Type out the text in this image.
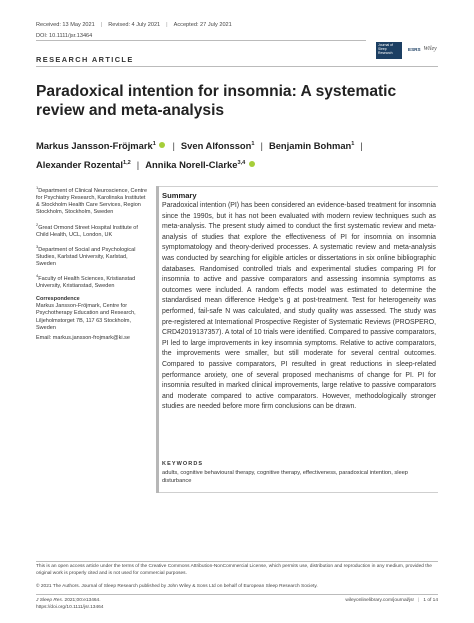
Received: 13 May 2021 | Revised: 4 July 2021 | Accepted: 27 July 2021
DOI: 10.1111/jsr.13464
Journal of Sleep Research
ESRS Wiley
RESEARCH ARTICLE
Paradoxical intention for insomnia: A systematic review and meta-analysis
Markus Jansson-Fröjmark$^1$ | Sven Alfonsson$^1$ | Benjamin Bohman$^1$ |
Alexander Rozental$^{1,2}$ | Annika Norell-Clarke$^{3,4}$

$^1$Department of Clinical Neuroscience, Centre for Psychiatry Research, Karolinska Institutet & Stockholm Health Care Services, Region Stockholm, Stockholm, Sweden

$^2$Great Ormond Street Hospital Institute of Child Health, UCL, London, UK

$^3$Department of Social and Psychological Studies, Karlstad University, Karlstad, Sweden

$^4$Faculty of Health Sciences, Kristianstad University, Kristianstad, Sweden

Correspondence

Markus Jansson-Fröjmark, Centre for Psychotherapy Education and Research, Liljeholmstorget 7B, 117 63 Stockholm, Sweden

Email: markus.jansson-frojmark@ki.se

Summary
Paradoxical intention (PI) has been considered an evidence-based treatment for insomnia since the 1990s, but it has not been evaluated with modern review techniques such as meta-analysis. The present study aimed to conduct the first systematic review and meta-analysis of studies that explore the effectiveness of PI for insomnia on insomnia symptomatology and theory-derived processes. A systematic review and meta-analysis was conducted by searching for eligible articles or dissertations in six online bibliographic databases. Randomised controlled trials and experimental studies comparing PI for insomnia to active and passive comparators and assessing insomnia symptoms as outcomes were included. A random effects model was estimated to determine the standardised mean difference Hedge’s g at post-treatment. Test for heterogeneity was performed, fail-safe N was calculated, and study quality was assessed. The study was pre-registered at International Prospective Register of Systematic Reviews (PROSPERO, CRD42019137357). A total of 10 trials were identified. Compared to passive comparators, PI led to large improvements in key insomnia symptoms. Relative to active comparators, the improvements were smaller, but still moderate for several central outcomes. Compared to passive comparators, PI resulted in great reductions in sleep-related performance anxiety, one of several proposed mechanisms of change for PI. PI for insomnia resulted in marked clinical improvements, large relative to passive comparators and moderate compared to active comparators. However, methodologically stronger studies are needed before more firm conclusions can be drawn.
KEYWORDS
adults, cognitive behavioural therapy, cognitive therapy, effectiveness, paradoxical intention, sleep disturbance
This is an open access article under the terms of the Creative Commons Attribution-NonCommercial License, which permits use, distribution and reproduction in any medium, provided the original work is properly cited and is not used for commercial purposes.
© 2021 The Authors. Journal of Sleep Research published by John Wiley & Sons Ltd on behalf of European Sleep Research Society.
J Sleep Res. 2021;00:e13464.
https://doi.org/10.1111/jsr.13464
wileyonlinelibrary.com/journal/jsr | 1 of 14
